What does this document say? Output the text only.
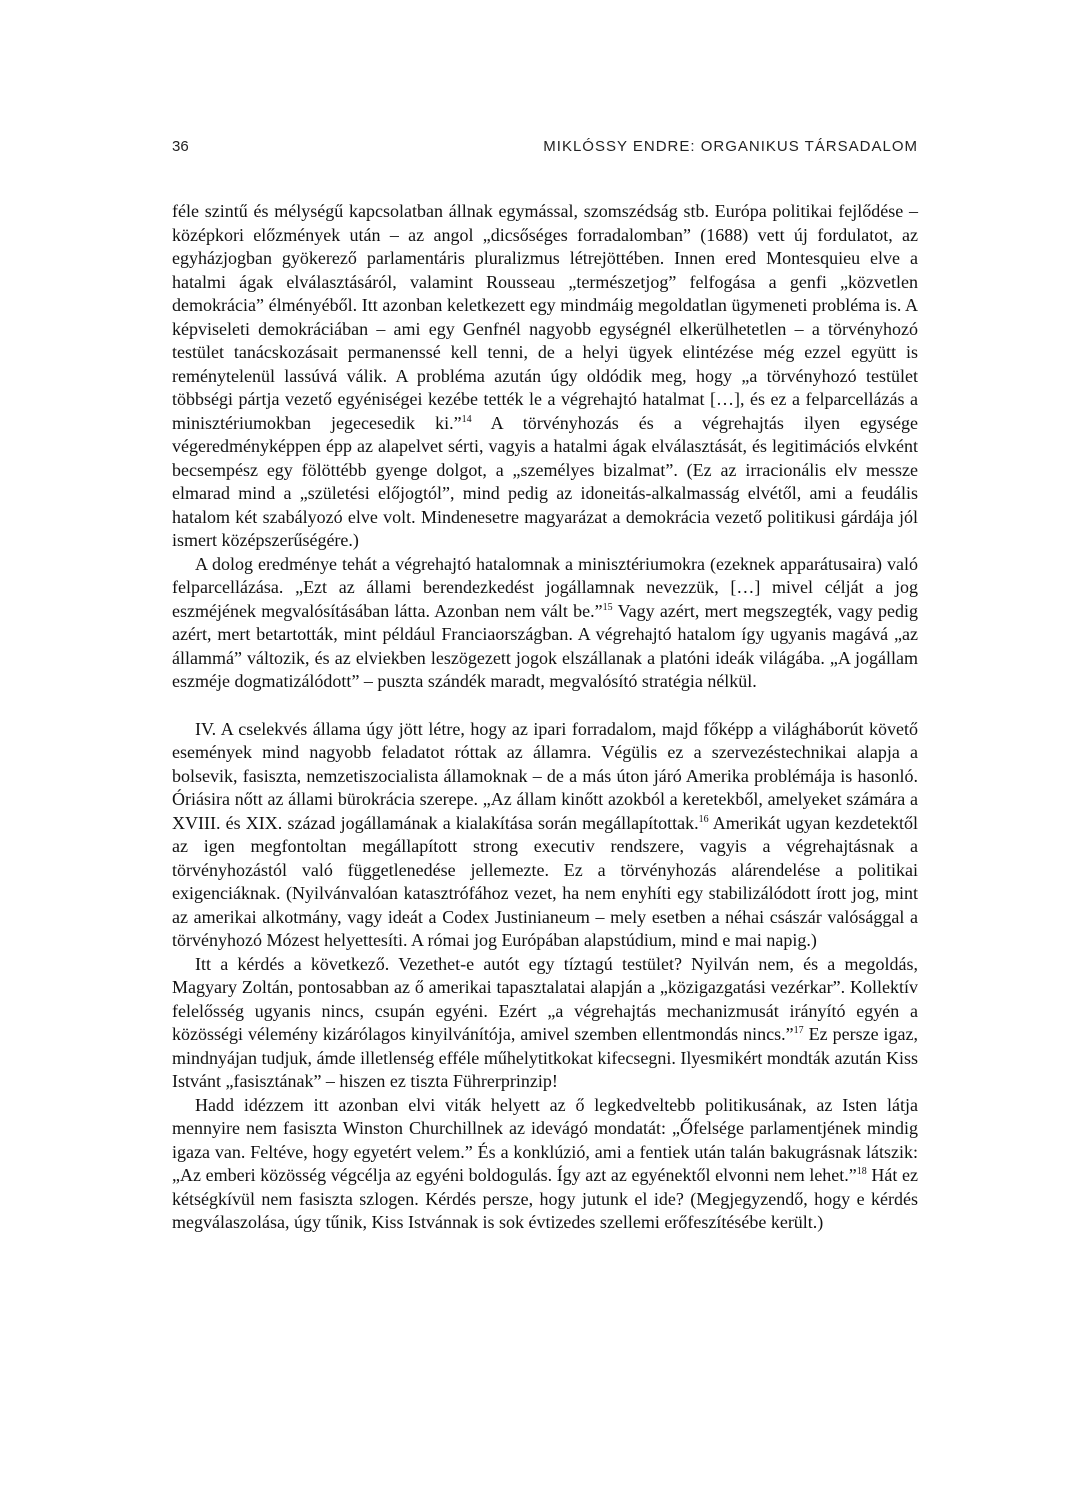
36	MIKLÓSSY ENDRE: ORGANIKUS TÁRSADALOM

féle szintű és mélységű kapcsolatban állnak egymással, szomszédság stb. Európa politikai fejlődése – középkori előzmények után – az angol „dicsőséges forradalomban” (1688) vett új fordulatot, az egyházjogban gyökerező parlamentáris pluralizmus létrejöttében. Innen ered Montesquieu elve a hatalmi ágak elválasztásáról, valamint Rousseau „természetjog” felfogása a genfi „közvetlen demokrácia” élményéből. Itt azonban keletkezett egy mindmáig megoldatlan ügymeneti probléma is. A képviseleti demokráciában – ami egy Genfnél nagyobb egységnél elkerülhetetlen – a törvényhozó testület tanácskozásait permanenssé kell tenni, de a helyi ügyek elintézése még ezzel együtt is reménytelenül lassúvá válik. A probléma azután úgy oldódik meg, hogy „a törvényhozó testület többségi pártja vezető egyéniségei kezébe tették le a végrehajtó hatalmat […], és ez a felparcellázás a minisztériumokban jegecesedik ki.”$^{14}$ A törvényhozás és a végrehajtás ilyen egysége végeredményképpen épp az alapelvet sérti, vagyis a hatalmi ágak elválasztását, és legitimációs elvként becsempész egy fölöttébb gyenge dolgot, a „személyes bizalmat”. (Ez az irracionális elv messze elmarad mind a „születési előjogtól”, mind pedig az idoneitás-alkalmasság elvétől, ami a feudális hatalom két szabályozó elve volt. Mindenesetre magyarázat a demokrácia vezető politikusi gárdája jól ismert középszerűségére.)

A dolog eredménye tehát a végrehajtó hatalomnak a minisztériumokra (ezeknek apparátusaira) való felparcellázása. „Ezt az állami berendezkedést jogállamnak nevezzük, […] mivel célját a jog eszméjének megvalósításában látta. Azonban nem vált be.”$^{15}$ Vagy azért, mert megszegték, vagy pedig azért, mert betartották, mint például Franciaországban. A végrehajtó hatalom így ugyanis magává „az állammá” változik, és az elviekben leszögezett jogok elszállanak a platóni ideák világába. „A jogállam eszméje dogmatizálódott” – puszta szándék maradt, megvalósító stratégia nélkül.

IV. A cselekvés állama úgy jött létre, hogy az ipari forradalom, majd főképp a világháborút követő események mind nagyobb feladatot róttak az államra. Végülis ez a szervezéstechnikai alapja a bolsevik, fasiszta, nemzetiszocialista államoknak – de a más úton járó Amerika problémája is hasonló. Óriásira nőtt az állami bürokrácia szerepe. „Az állam kinőtt azokból a keretekből, amelyeket számára a XVIII. és XIX. század jogállamának a kialakítása során megállapítottak.$^{16}$ Amerikát ugyan kezdetektől az igen megfontoltan megállapított strong executiv rendszere, vagyis a végrehajtásnak a törvényhozástól való függetlenedése jellemezte. Ez a törvényhozás alárendelése a politikai exigenciáknak. (Nyilvánvalóan katasztrófához vezet, ha nem enyhíti egy stabilizálódott írott jog, mint az amerikai alkotmány, vagy ideát a Codex Justinianeum – mely esetben a néhai császár valósággal a törvényhozó Mózest helyettesíti. A római jog Európában alapstúdium, mind e mai napig.)

Itt a kérdés a következő. Vezethet-e autót egy tíztagú testület? Nyilván nem, és a megoldás, Magyary Zoltán, pontosabban az ő amerikai tapasztalatai alapján a „közigazgatási vezérkar”. Kollektív felelősség ugyanis nincs, csupán egyéni. Ezért „a végrehajtás mechanizmusát irányító egyén a közösségi vélemény kizárólagos kinyilvánítója, amivel szemben ellentmondás nincs.”$^{17}$ Ez persze igaz, mindnyájan tudjuk, ámde illetlenség efféle műhelytitkokat kifecsegni. Ilyesmikért mondták azután Kiss Istvánt „fasisztának” – hiszen ez tiszta Führerprinzip!

Hadd idézzem itt azonban elvi viták helyett az ő legkedveltebb politikusának, az Isten látja mennyire nem fasiszta Winston Churchillnek az idevágó mondatát: „Őfelsége parlamentjének mindig igaza van. Feltéve, hogy egyetért velem.” És a konklúzió, ami a fentiek után talán bakugrásnak látszik: „Az emberi közösség végcélja az egyéni boldogulás. Így azt az egyénektől elvonni nem lehet.”$^{18}$ Hát ez kétségkívül nem fasiszta szlogen. Kérdés persze, hogy jutunk el ide? (Megjegyzendő, hogy e kérdés megválaszolása, úgy tűnik, Kiss Istvánnak is sok évtizedes szellemi erőfeszítésébe került.)
